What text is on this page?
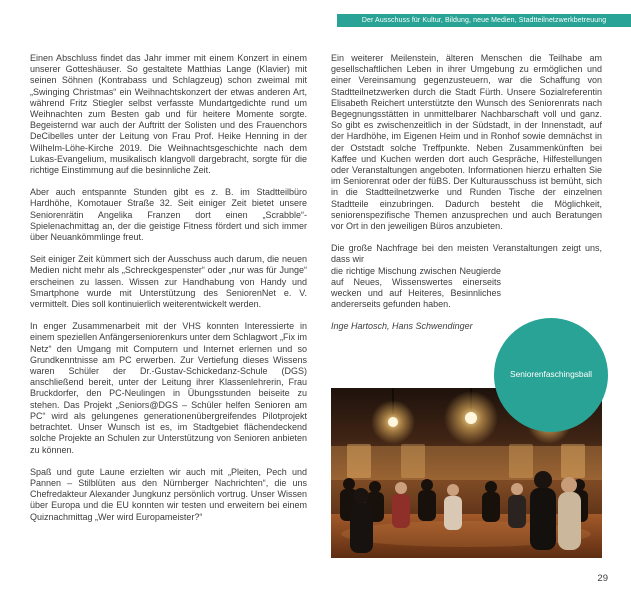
Der Ausschuss für Kultur, Bildung, neue Medien, Stadtteilnetzwerkbetreuung

Einen Abschluss findet das Jahr immer mit einem Konzert in einem unserer Gotteshäuser. So gestaltete Matthias Lange (Klavier) mit seinen Söhnen (Kontrabass und Schlagzeug) schon zweimal mit „Swinging Christmas“ ein Weihnachtskonzert der etwas anderen Art, während Fritz Stiegler selbst verfasste Mundartgedichte rund um Weihnachten zum Besten gab und für heitere Momente sorgte. Begeisternd war auch der Auftritt der Solisten und des Frauenchors DeCibelles unter der Leitung von Frau Prof. Heike Henning in der Wilhelm-Löhe-Kirche 2019. Die Weihnachtsgeschichte nach dem Lukas-Evangelium, musikalisch klangvoll dargebracht, sorgte für die richtige Einstimmung auf die besinnliche Zeit.

Aber auch entspannte Stunden gibt es z. B. im Stadtteilbüro Hardhöhe, Komotauer Straße 32. Seit einiger Zeit bietet unsere Seniorenrätin Angelika Franzen dort einen „Scrabble“-Spielenachmittag an, der die geistige Fitness fördert und sich immer über Neuankömmlinge freut.

Seit einiger Zeit kümmert sich der Ausschuss auch darum, die neuen Medien nicht mehr als „Schreckgespenster“ oder „nur was für Junge“ erscheinen zu lassen. Wissen zur Handhabung von Handy und Smartphone wurde mit Unterstützung des SeniorenNet e. V. vermittelt. Dies soll kontinuierlich weiterentwickelt werden.

In enger Zusammenarbeit mit der VHS konnten Interessierte in einem speziellen Anfängerseniorenkurs unter dem Schlagwort „Fix im Netz“ den Umgang mit Computern und Internet erlernen und so Grundkenntnisse am PC erwerben. Zur Vertiefung dieses Wissens waren Schüler der Dr.-Gustav-Schickedanz-Schule (DGS) anschließend bereit, unter der Leitung ihrer Klassenlehrerin, Frau Bruckdorfer, den PC-Neulingen in Übungsstunden beiseite zu stehen. Das Projekt „Seniors@DGS – Schüler helfen Senioren am PC“ wird als gelungenes generationenübergreifendes Pilotprojekt betrachtet. Unser Wunsch ist es, im Stadtgebiet flächendeckend solche Projekte an Schulen zur Unterstützung von Senioren anbieten zu können.

Spaß und gute Laune erzielten wir auch mit „Pleiten, Pech und Pannen – Stilblüten aus den Nürnberger Nachrichten“, die uns Chefredakteur Alexander Jungkunz persönlich vortrug. Unser Wissen über Europa und die EU konnten wir testen und erweitern bei einem Quiznachmittag „Wer wird Europameister?“

Ein weiterer Meilenstein, älteren Menschen die Teilhabe am gesellschaftlichen Leben in ihrer Umgebung zu ermöglichen und einer Vereinsamung gegenzusteuern, war die Schaffung von Stadtteilnetzwerken durch die Stadt Fürth. Unsere Sozialreferentin Elisabeth Reichert unterstützte den Wunsch des Seniorenrats nach Begegnungsstätten in unmittelbarer Nachbarschaft voll und ganz. So gibt es zwischenzeitlich in der Südstadt, in der Innenstadt, auf der Hardhöhe, im Eigenen Heim und in Ronhof sowie demnächst in der Oststadt solche Treffpunkte. Neben Zusammenkünften bei Kaffee und Kuchen werden dort auch Gespräche, Hilfestellungen oder Veranstaltungen angeboten. Informationen hierzu erhalten Sie im Seniorenrat oder der füBS. Der Kulturausschuss ist bemüht, sich in die Stadtteilnetzwerke und Runden Tische der einzelnen Stadtteile einzubringen. Dadurch besteht die Möglichkeit, seniorenspezifische Themen anzusprechen und auch Beratungen vor Ort in den jeweiligen Büros anzubieten.

Die große Nachfrage bei den meisten Veranstaltungen zeigt uns, dass wir

die richtige Mischung zwischen Neugierde auf Neues, Wissenswertes einerseits wecken und auf Heiteres, Besinnliches andererseits gefunden haben.

Inge Hartosch, Hans Schwendinger

Seniorenfaschingsball
29
